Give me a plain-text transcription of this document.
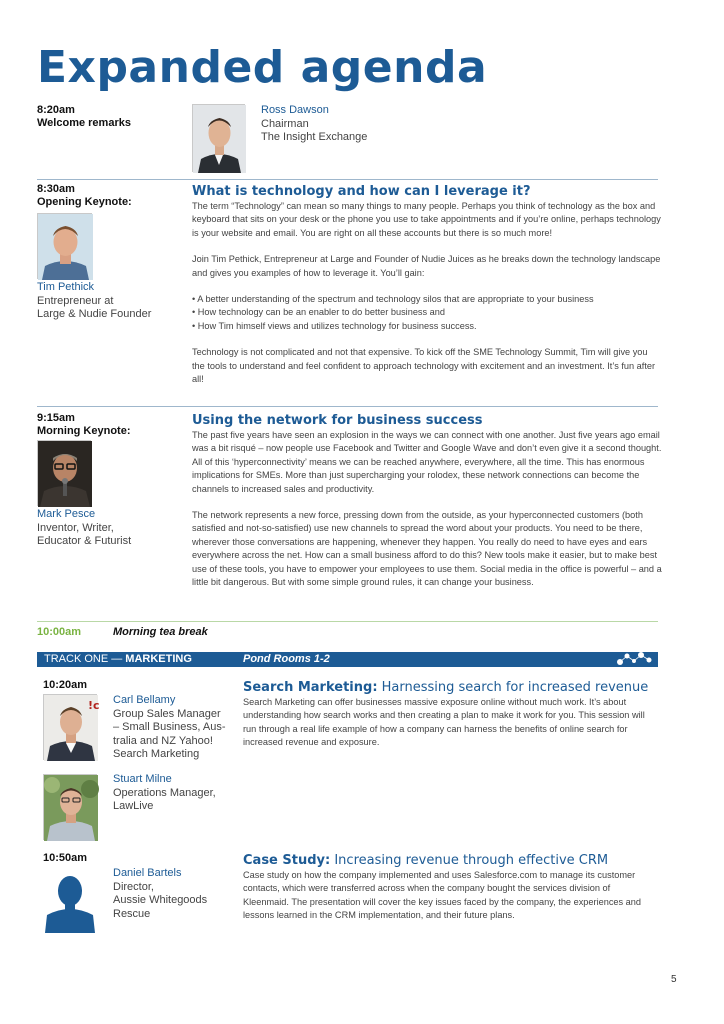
Expanded agenda
8:20am
Welcome remarks
Ross Dawson
Chairman
The Insight Exchange
8:30am
Opening Keynote:
Tim Pethick
Entrepreneur at
Large & Nudie Founder
What is technology and how can I leverage it?

The term “Technology” can mean so many things to many people. Perhaps you think of technology as the box and keyboard that sits on your desk or the phone you use to take appointments and if you’re online, perhaps technology is your website and email. You are right on all these accounts but there is so much more!

Join Tim Pethick, Entrepreneur at Large and Founder of Nudie Juices as he breaks down the technology landscape and gives you examples of how to leverage it. You’ll gain:

• A better understanding of the spectrum and technology silos that are appropriate to your business
• How technology can be an enabler to do better business and
• How Tim himself views and utilizes technology for business success.

Technology is not complicated and not that expensive. To kick off the SME Technology Summit, Tim will give you the tools to understand and feel confident to approach technology with excitement and an investment. It’s fun after all!

9:15am
Morning Keynote:
Mark Pesce
Inventor, Writer,
Educator & Futurist
Using the network for business success

The past five years have seen an explosion in the ways we can connect with one another. Just five years ago email was a bit risqué – now people use Facebook and Twitter and Google Wave and don’t even give it a second thought. All of this ‘hyperconnectivity’ means we can be reached anywhere, everywhere, all the time. This has enormous implications for SMEs. More than just supercharging your rolodex, these network connections can become the channels to increased sales and productivity.

The network represents a new force, pressing down from the outside, as your hyperconnected customers (both satisfied and not-so-satisfied) use new channels to spread the word about your products. You need to be there, wherever those conversations are happening, whenever they happen. You really do need to have eyes and ears everywhere across the net. How can a small business afford to do this? New tools make it easier, but to make best use of these tools, you have to empower your employees to use them. Social media in the office is powerful – and a little bit dangerous. But with some simple ground rules, it can change your business.

10:00am	Morning tea break
TRACK ONE — MARKETING	Pond Rooms 1-2
10:20am
!c Carl Bellamy
Group Sales Manager
– Small Business, Aus-
tralia and NZ Yahoo!
Search Marketing
Stuart Milne
Operations Manager,
LawLive
Search Marketing: Harnessing search for increased revenue

Search Marketing can offer businesses massive exposure online without much work. It’s about understanding how search works and then creating a plan to make it work for you. This session will run through a real life example of how a company can harness the benefits of online search for increased revenue and exposure.

10:50am
Daniel Bartels
Director,
Aussie Whitegoods
Rescue
Case Study: Increasing revenue through effective CRM

Case study on how the company implemented and uses Salesforce.com to manage its customer contacts, which were transferred across when the company bought the services division of Kleenmaid. The presentation will cover the key issues faced by the company, the experiences and lessons learned in the CRM implementation, and their future plans.

5
